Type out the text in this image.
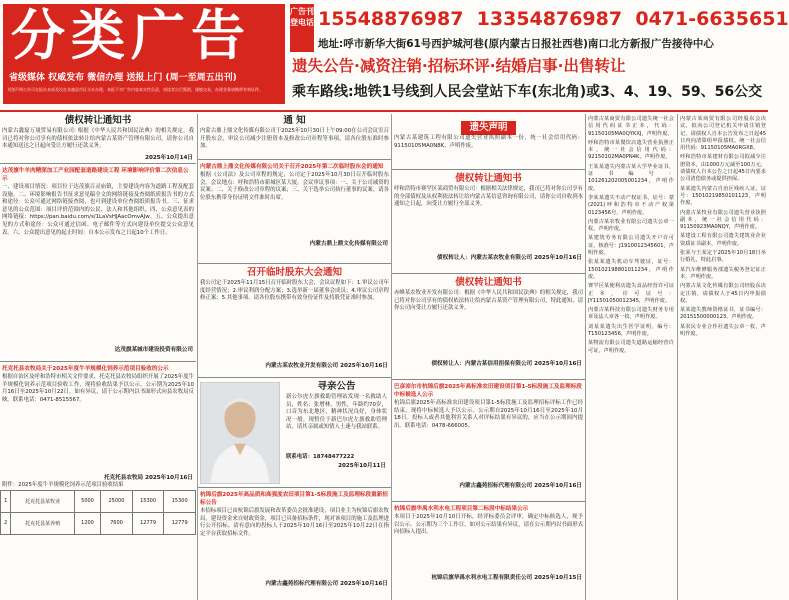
分类广告
省级媒体 权威发布 微信办理 送报上门 (周一至周五出刊)
刊登声明公告可在报社本部及设在各旗县市区分社办理，本报不对广告内容真实性负责，请读者自行甄别，谨慎交易，办理业务请携带有效证件。
广告刊登电话 15548876987 13354876987 0471-6635651
地址:呼市新华大街61号西护城河巷(原内蒙古日报社西巷)南口北方新报广告接待中心
遗失公告·减资注销·招标环评·结婚启事·出售转让
乘车路线:地铁1号线到人民会堂站下车(东北角)或3、4、19、59、56公交
债权转让通知书
内蒙古鑫磊万晟贸易有限公司: 根据《中华人民共和国民法典》的相关规定，我司已将对你公司享有的债权依法转让给内蒙古某资产管理有限公司，请你公司自本通知送达之日起向受让方履行还款义务。
2025年10月14日
达茂旗牛羊肉精深加工产业园配套道路建设工程 环境影响评价第二次信息公示
一、建设项目情况：项目位于达茂旗百灵庙镇，主要建设内容为道路工程及配套设施。二、环境影响报告书征求意见稿全文的网络链接及查阅纸质报告书的方式和途径：公众可通过网络链接查阅，也可到建设单位查阅纸质报告书。三、征求意见的公众范围：项目评价范围内的公民、法人和其他组织。四、公众意见表的网络链接：https://pan.baidu.com/s/1LaVsHJAacOmvAJw。五、公众提出意见的方式和途径：公众可通过信函、电子邮件等方式向建设单位提交公众意见表。六、公众提出意见的起止时间：自本公示发布之日起10个工作日。
达茂旗某城市建设投资有限公司
托克托县农牧局关于2025年度牛羊规模化饲养示范项目验收的公示
根据自治区及呼和浩特市相关文件要求，托克托县农牧局组织开展了2025年度牛羊规模化饲养示范项目验收工作，现将验收结果予以公示。公示期为2025年10月16日至2025年10月22日。如有异议，请于公示期内以书面形式向县农牧局反映。联系电话：0471-8515567。
托克托县农牧局 2025年10月16日
附件：2025年度牛羊规模化饲养示范项目验收结果
1	托克托县某牧业	5000	25000	15300	15300
2	托克托县某养殖	1200	7600	12779	12779
通 知
内蒙古鼎上鼎文化传媒有限公司于2025年10月30日上午09:00在公司会议室召开股东会，审议公司减少注册资本及修改公司章程等事项，请各位股东准时参加。
内蒙古鼎上鼎文化传媒有限公司关于召开2025年第二次临时股东会的通知
根据《公司法》及公司章程的规定，公司定于2025年10月30日召开临时股东会。会议地点：呼和浩特市新城区某大厦。会议审议事项：一、关于公司减资的议案；二、关于修改公司章程的议案；三、关于选举公司执行董事的议案。请各位股东携带身份证明文件准时出席。
内蒙古鼎上鼎文化传媒有限公司
召开临时股东大会通知
我公司定于2025年11月15日召开临时股东大会，会议议程如下：1.审议公司年度经营情况；2.审议利润分配方案；3.选举新一届董事会成员；4.审议公司章程修正案；5.其他事项。请各位股东携带有效身份证件及持股凭证准时参加。
内蒙古某农牧业开发有限公司 2025年10月16日
寻亲公告
新公尔虎左旗救助管理站发现一名救助人员，姓名：张增林，男性，年龄约70岁，口音为东北地区，精神状况良好，身体状况一般。现暂住于新巴尔虎左旗救助管理站，请其亲属或知情人士速与我站联系。
联系电话：18748477222
2025年10月11日
杭锦后旗2025年高品质和高强度农田项目第1-5标段施工及监理标段重新招标公告
本招标项目已由杭锦后旗发展和改革委员会批准建设，项目业主为杭锦后旗农牧局，建设资金来自财政资金，项目已具备招标条件，现对该项目的施工及监理进行公开招标。请有意向的投标人于2025年10月16日至2025年10月22日在指定平台获取招标文件。
内蒙古鑫苑招标代理有限公司 2025年10月16日
遗失声明
内蒙古某建筑工程有限公司遗失营业执照副本一份，统一社会信用代码：91150105MA0N8K，声明作废。
债权转让通知书
呼和浩特市赛罕区某商贸有限公司：根据相关法律规定，我司已将对你公司享有的全部债权及从权利依法转让给内蒙古某信息咨询有限公司，请你公司自收到本通知之日起，向受让方履行全部义务。
债权转让人：内蒙古某农牧业有限公司 2025年10月16日
债权转让通知书
赤峰某农牧业开发有限公司：根据《中华人民共和国民法典》的相关规定，我司已将对你公司享有的债权依法转让给内蒙古某资产管理有限公司，特此通知，请你公司向受让方履行还款义务。
债权转让人：内蒙古某信用担保有限公司 2025年10月16日
巴彦淖尔市杭锦后旗2025年高标准农田建设项目第1-5标段施工及监理标段中标候选人公示
杭锦后旗2025年高标准农田建设项目第1-5标段施工及监理招标评标工作已经结束，现将中标候选人予以公示。公示期自2025年10月16日至2025年10月18日。投标人或者其他利害关系人对评标结果有异议的，应当在公示期间内提出。联系电话：0478-666005。
内蒙古鑫苑招标代理有限公司 2025年10月16日
杭锦后旗华禹水利水电工程项目第二标段中标结果公示
本项目于2025年10月10日开标，经评标委员会评审，确定中标候选人，现予以公示。公示期为三个工作日。如对公示结果有异议，请在公示期内以书面形式向招标人提出。
杭锦后旗华禹水利水电工程有限责任公司 2025年10月15日

内蒙古某商贸有限公司遗失统一社会信用代码证书正本，代码：91150105MA0QYKXJ，声明作废。

呼和浩特市某餐饮店遗失营业执照正本，统一社会信用代码：92150102MA0PN4K，声明作废。

王某某遗失内蒙古某大学毕业证书，证书编号：101261202005001234，声明作废。

李某某遗失不动产权证书，证号：蒙(2021)呼和浩特市不动产权第0123456号，声明作废。

内蒙古某农牧业有限公司遗失公章一枚，声明作废。

某建筑劳务有限公司遗失开户许可证，核准号：J1910012345601，声明作废。

张某某遗失机动车驾驶证，证号：150102198801011234，声明作废。

赛罕区某便利店遗失食品经营许可证正本，许可证号：JY11501050012345，声明作废。

内蒙古某科技有限公司遗失财务专用章及法人章各一枚，声明作废。

刘某某遗失出生医学证明，编号：T150123456，声明作废。

某物流有限公司遗失道路运输经营许可证，声明作废。

内蒙古某商贸有限公司经股东会决议，拟向公司登记机关申请注销登记，请债权人自本公告发布之日起45日内向清算组申报债权。统一社会信用代码：91150105MA0RGX8。

呼和浩特市某建材有限公司拟减少注册资本，由1000万元减至100万元，请债权人自本公告之日起45日内要求公司清偿债务或提供担保。

某某遗失内蒙古自治区残疾人证，证号：15010219850101123，声明作废。

内蒙古某牧业有限公司遗失营业执照副本，统一社会信用代码：91150923MA0NQY，声明作废。

某建设工程有限公司遗失建筑业企业资质证书副本，声明作废。

张某与王某定于2025年10月18日举行婚礼，特此启事。

某汽车维修服务部遗失税务登记证正本，声明作废。

内蒙古某文化传媒有限公司经股东决定注销，请债权人于45日内申报债权。

某某遗失教师资格证书，证书编号：20151500000123，声明作废。

某农民专业合作社遗失公章一枚，声明作废。
